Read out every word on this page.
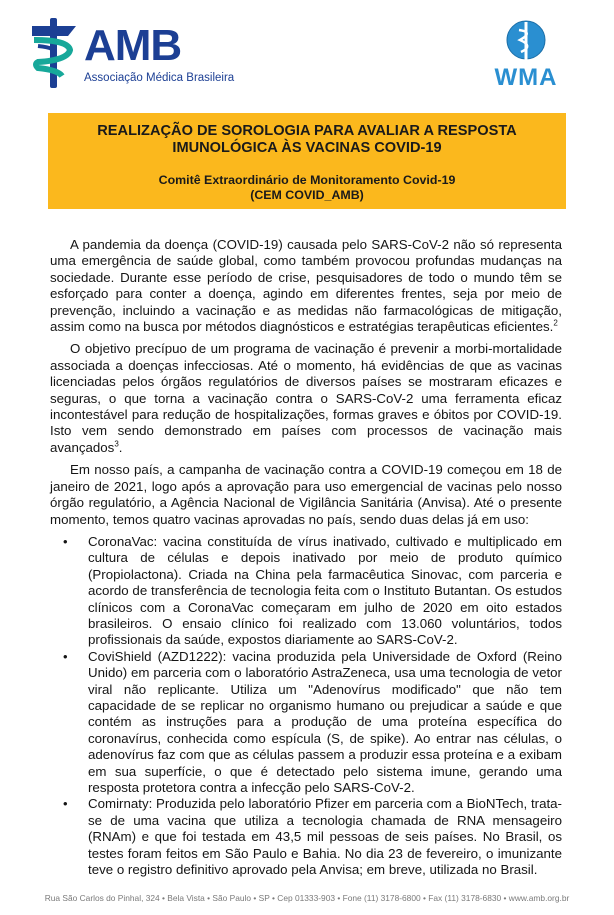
AMB
Associação Médica Brasileira	WMA
REALIZAÇÃO DE SOROLOGIA PARA AVALIAR A RESPOSTA
IMUNOLÓGICA ÀS VACINAS COVID-19
Comitê Extraordinário de Monitoramento Covid-19
(CEM COVID_AMB)

A pandemia da doença (COVID-19) causada pelo SARS-CoV-2 não só representa uma emergência de saúde global, como também provocou profundas mudanças na sociedade. Durante esse período de crise, pesquisadores de todo o mundo têm se esforçado para conter a doença, agindo em diferentes frentes, seja por meio de prevenção, incluindo a vacinação e as medidas não farmacológicas de mitigação, assim como na busca por métodos diagnósticos e estratégias terapêuticas eficientes.$^2$

O objetivo precípuo de um programa de vacinação é prevenir a morbi-mortalidade associada a doenças infecciosas. Até o momento, há evidências de que as vacinas licenciadas pelos órgãos regulatórios de diversos países se mostraram eficazes e seguras, o que torna a vacinação contra o SARS-CoV-2 uma ferramenta eficaz incontestável para redução de hospitalizações, formas graves e óbitos por COVID-19. Isto vem sendo demonstrado em países com processos de vacinação mais avançados$^3$.

Em nosso país, a campanha de vacinação contra a COVID-19 começou em 18 de janeiro de 2021, logo após a aprovação para uso emergencial de vacinas pelo nosso órgão regulatório, a Agência Nacional de Vigilância Sanitária (Anvisa). Até o presente momento, temos quatro vacinas aprovadas no país, sendo duas delas já em uso:

• CoronaVac: vacina constituída de vírus inativado, cultivado e multiplicado em cultura de células e depois inativado por meio de produto químico (Propiolactona). Criada na China pela farmacêutica Sinovac, com parceria e acordo de transferência de tecnologia feita com o Instituto Butantan. Os estudos clínicos com a CoronaVac começaram em julho de 2020 em oito estados brasileiros. O ensaio clínico foi realizado com 13.060 voluntários, todos profissionais da saúde, expostos diariamente ao SARS-CoV-2.
• CoviShield (AZD1222): vacina produzida pela Universidade de Oxford (Reino Unido) em parceria com o laboratório AstraZeneca, usa uma tecnologia de vetor viral não replicante. Utiliza um "Adenovírus modificado" que não tem capacidade de se replicar no organismo humano ou prejudicar a saúde e que contém as instruções para a produção de uma proteína específica do coronavírus, conhecida como espícula (S, de spike). Ao entrar nas células, o adenovírus faz com que as células passem a produzir essa proteína e a exibam em sua superfície, o que é detectado pelo sistema imune, gerando uma resposta protetora contra a infecção pelo SARS-CoV-2.
• Comirnaty: Produzida pelo laboratório Pfizer em parceria com a BioNTech, trata-se de uma vacina que utiliza a tecnologia chamada de RNA mensageiro (RNAm) e que foi testada em 43,5 mil pessoas de seis países. No Brasil, os testes foram feitos em São Paulo e Bahia. No dia 23 de fevereiro, o imunizante teve o registro definitivo aprovado pela Anvisa; em breve, utilizada no Brasil.
Rua São Carlos do Pinhal, 324 • Bela Vista • São Paulo • SP • Cep 01333-903 • Fone (11) 3178-6800 • Fax (11) 3178-6830 • www.amb.org.br
